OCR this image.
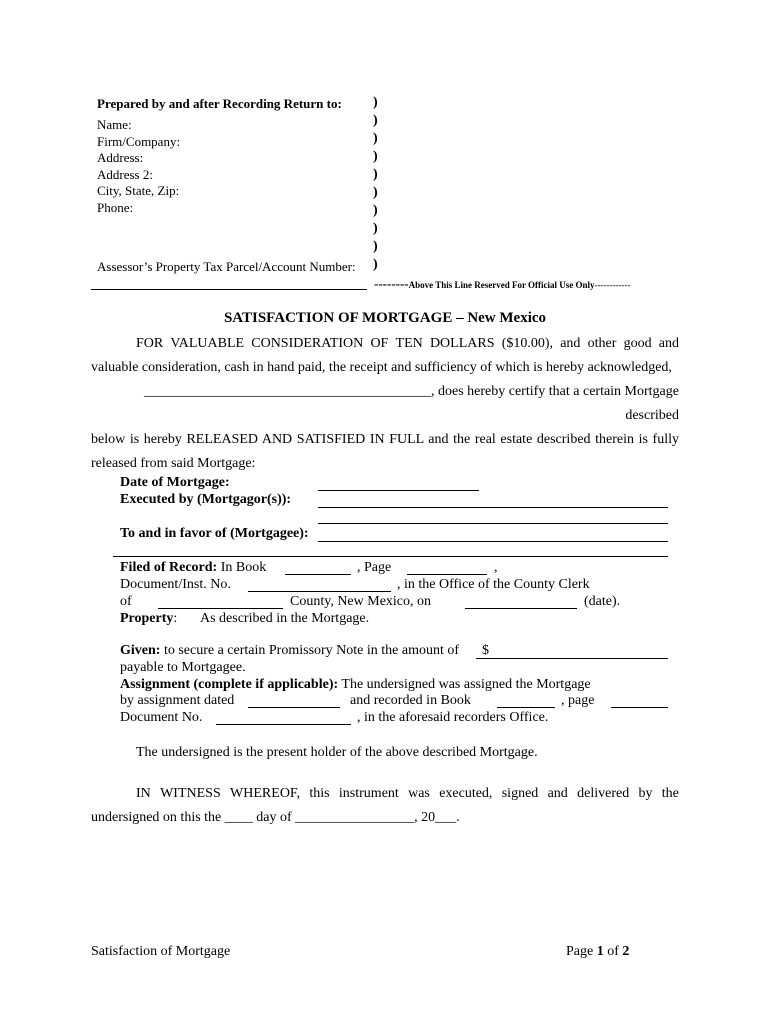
Prepared by and after Recording Return to:
Name:
Firm/Company:
Address:
Address 2:
City, State, Zip:
Phone:
Assessor’s Property Tax Parcel/Account Number:
)
)
)
)
)
)
)
)
)
)
--------Above This Line Reserved For Official Use Only------------
SATISFACTION OF MORTGAGE – New Mexico
FOR VALUABLE CONSIDERATION OF TEN DOLLARS ($10.00), and other good and
valuable consideration, cash in hand paid, the receipt and sufficiency of which is hereby acknowledged,
_________________________________________, does hereby certify that a certain Mortgage described
below is hereby RELEASED AND SATISFIED IN FULL and the real estate described therein is fully
released from said Mortgage:
Date of Mortgage:
Executed by (Mortgagor(s)):
To and in favor of (Mortgagee):
Filed of Record: In Book	, Page	,
Document/Inst. No.	, in the Office of the County Clerk
of	County, New Mexico, on	(date).
Property: As described in the Mortgage.
Given: to secure a certain Promissory Note in the amount of $
payable to Mortgagee.
Assignment (complete if applicable): The undersigned was assigned the Mortgage
by assignment dated	and recorded in Book	, page
Document No.	, in the aforesaid recorders Office.
The undersigned is the present holder of the above described Mortgage.
IN WITNESS WHEREOF, this instrument was executed, signed and delivered by the
undersigned on this the ____ day of _________________, 20___.
Satisfaction of Mortgage	Page 1 of 2
